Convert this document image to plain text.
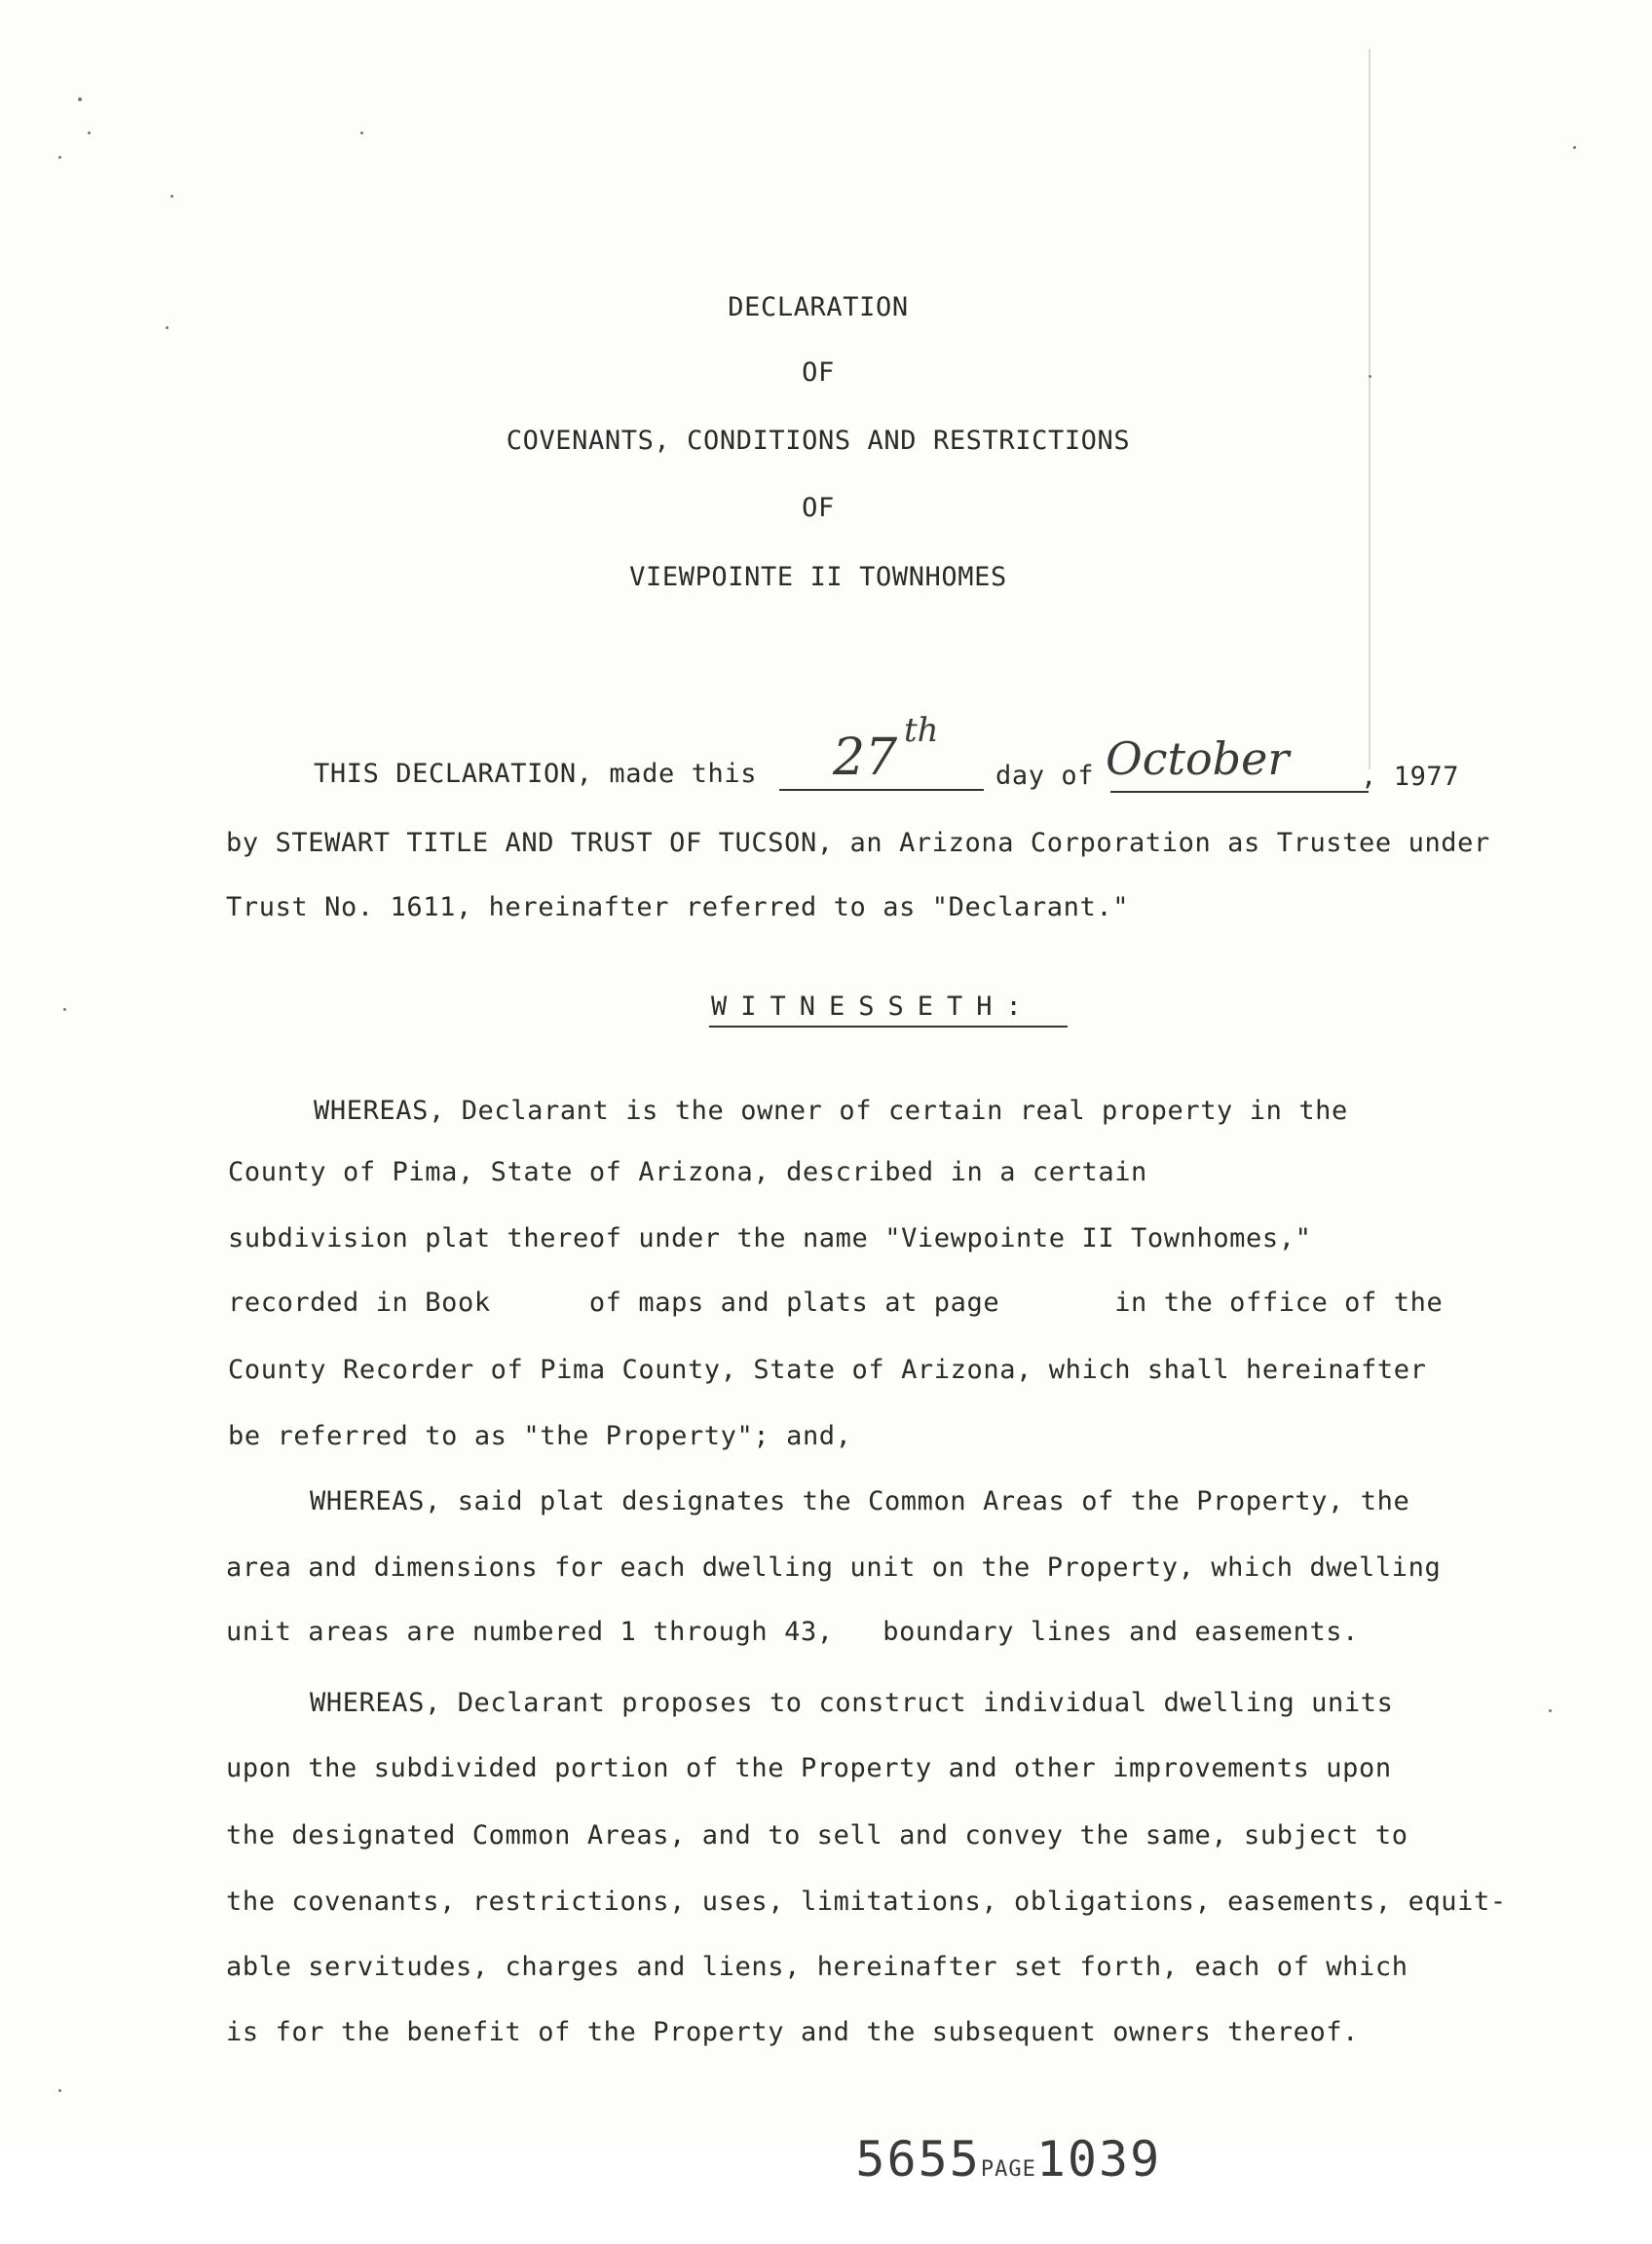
DECLARATION
OF
COVENANTS, CONDITIONS AND RESTRICTIONS
OF
VIEWPOINTE II TOWNHOMES
THIS DECLARATION, made this 27 th
day of October	, 1977
by STEWART TITLE AND TRUST OF TUCSON, an Arizona Corporation as Trustee under
Trust No. 1611, hereinafter referred to as "Declarant."
WITNESSETH:
WHEREAS, Declarant is the owner of certain real property in the
County of Pima, State of Arizona, described in a certain
subdivision plat thereof under the name "Viewpointe II Townhomes,"
recorded in Book      of maps and plats at page       in the office of the
County Recorder of Pima County, State of Arizona, which shall hereinafter
be referred to as "the Property"; and,
WHEREAS, said plat designates the Common Areas of the Property, the
area and dimensions for each dwelling unit on the Property, which dwelling
unit areas are numbered 1 through 43,   boundary lines and easements.
WHEREAS, Declarant proposes to construct individual dwelling units
upon the subdivided portion of the Property and other improvements upon
the designated Common Areas, and to sell and convey the same, subject to
the covenants, restrictions, uses, limitations, obligations, easements, equit-
able servitudes, charges and liens, hereinafter set forth, each of which
is for the benefit of the Property and the subsequent owners thereof.

5655PAGE1039
